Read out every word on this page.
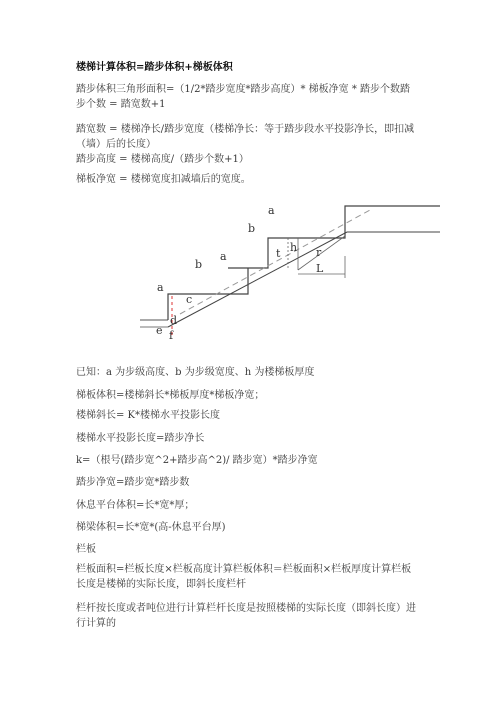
楼梯计算体积=踏步体积+梯板体积

踏步体积三角形面积=（1/2*踏步宽度*踏步高度）* 梯板净宽 * 踏步个数踏步个数 = 踏宽数+1

踏宽数 = 楼梯净长/踏步宽度（楼梯净长：等于踏步段水平投影净长，即扣减（墙）后的长度）

踏步高度 = 楼梯高度/（踏步个数+1）

梯板净宽 = 楼梯宽度扣减墙后的宽度。

a
b
a
b
a
c
d
e f
t h r
L

已知：a 为步级高度、b 为步级宽度、h 为楼梯板厚度

梯板体积=楼梯斜长*梯板厚度*梯板净宽；

楼梯斜长= K*楼梯水平投影长度

楼梯水平投影长度=踏步净长

k=（根号(踏步宽^2+踏步高^2)/ 踏步宽）*踏步净宽

踏步净宽=踏步宽*踏步数

休息平台体积=长*宽*厚；

梯梁体积=长*宽*(高-休息平台厚)

栏板

栏板面积=栏板长度×栏板高度计算栏板体积＝栏板面积×栏板厚度计算栏板长度是楼梯的实际长度，即斜长度栏杆

栏杆按长度或者吨位进行计算栏杆长度是按照楼梯的实际长度（即斜长度）进行计算的
